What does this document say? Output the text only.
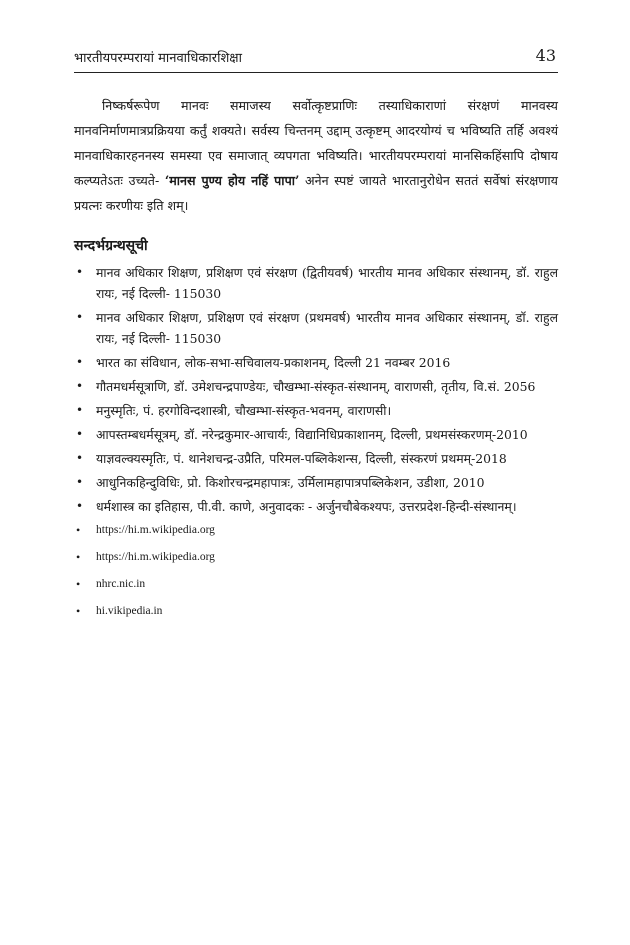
भारतीयपरम्परायां मानवाधिकारशिक्षा	43
निष्कर्षरूपेण मानवः समाजस्य सर्वोत्कृष्टप्राणिः तस्याधिकाराणां संरक्षणं मानवस्य मानवनिर्माणमात्रप्रक्रियया कर्तुं शक्यते। सर्वस्य चिन्तनम् उद्दाम् उत्कृष्टम् आदरयोग्यं च भविष्यति तर्हि अवश्यं मानवाधिकारहननस्य समस्या एव समाजात् व्यपगता भविष्यति। भारतीयपरम्परायां मानसिकहिंसापि दोषाय कल्प्यतेऽतः उच्यते- ‘मानस पुण्य होय नहिं पापा’ अनेन स्पष्टं जायते भारतानुरोधेन सततं सर्वेषां संरक्षणाय प्रयत्नः करणीयः इति शम्।
सन्दर्भग्रन्थसूची
• मानव अधिकार शिक्षण, प्रशिक्षण एवं संरक्षण (द्वितीयवर्ष) भारतीय मानव अधिकार संस्थानम्, डॉ. राहुल रायः, नई दिल्ली- 115030
• मानव अधिकार शिक्षण, प्रशिक्षण एवं संरक्षण (प्रथमवर्ष) भारतीय मानव अधिकार संस्थानम्, डॉ. राहुल रायः, नई दिल्ली- 115030
• भारत का संविधान, लोक-सभा-सचिवालय-प्रकाशनम्, दिल्ली 21 नवम्बर 2016
• गौतमधर्मसूत्राणि, डॉ. उमेशचन्द्रपाण्डेयः, चौखम्भा-संस्कृत-संस्थानम्, वाराणसी, तृतीय, वि.सं. 2056
• मनुस्मृतिः, पं. हरगोविन्दशास्त्री, चौखम्भा-संस्कृत-भवनम्, वाराणसी।
• आपस्तम्बधर्मसूत्रम्, डॉ. नरेन्द्रकुमार-आचार्यः, विद्यानिधिप्रकाशानम्, दिल्ली, प्रथमसंस्करणम्-2010
• याज्ञवल्क्यस्मृतिः, पं. थानेशचन्द्र-उप्रैति, परिमल-पब्लिकेशन्स, दिल्ली, संस्करणं प्रथमम्-2018
• आधुनिकहिन्दुविधिः, प्रो. किशोरचन्द्रमहापात्रः, उर्मिलामहापात्रपब्लिकेशन, उडीशा, 2010
• धर्मशास्त्र का इतिहास, पी.वी. काणे, अनुवादकः - अर्जुनचौबेकश्यपः, उत्तरप्रदेश-हिन्दी-संस्थानम्।
• https://hi.m.wikipedia.org
• https://hi.m.wikipedia.org
• nhrc.nic.in
• hi.vikipedia.in
